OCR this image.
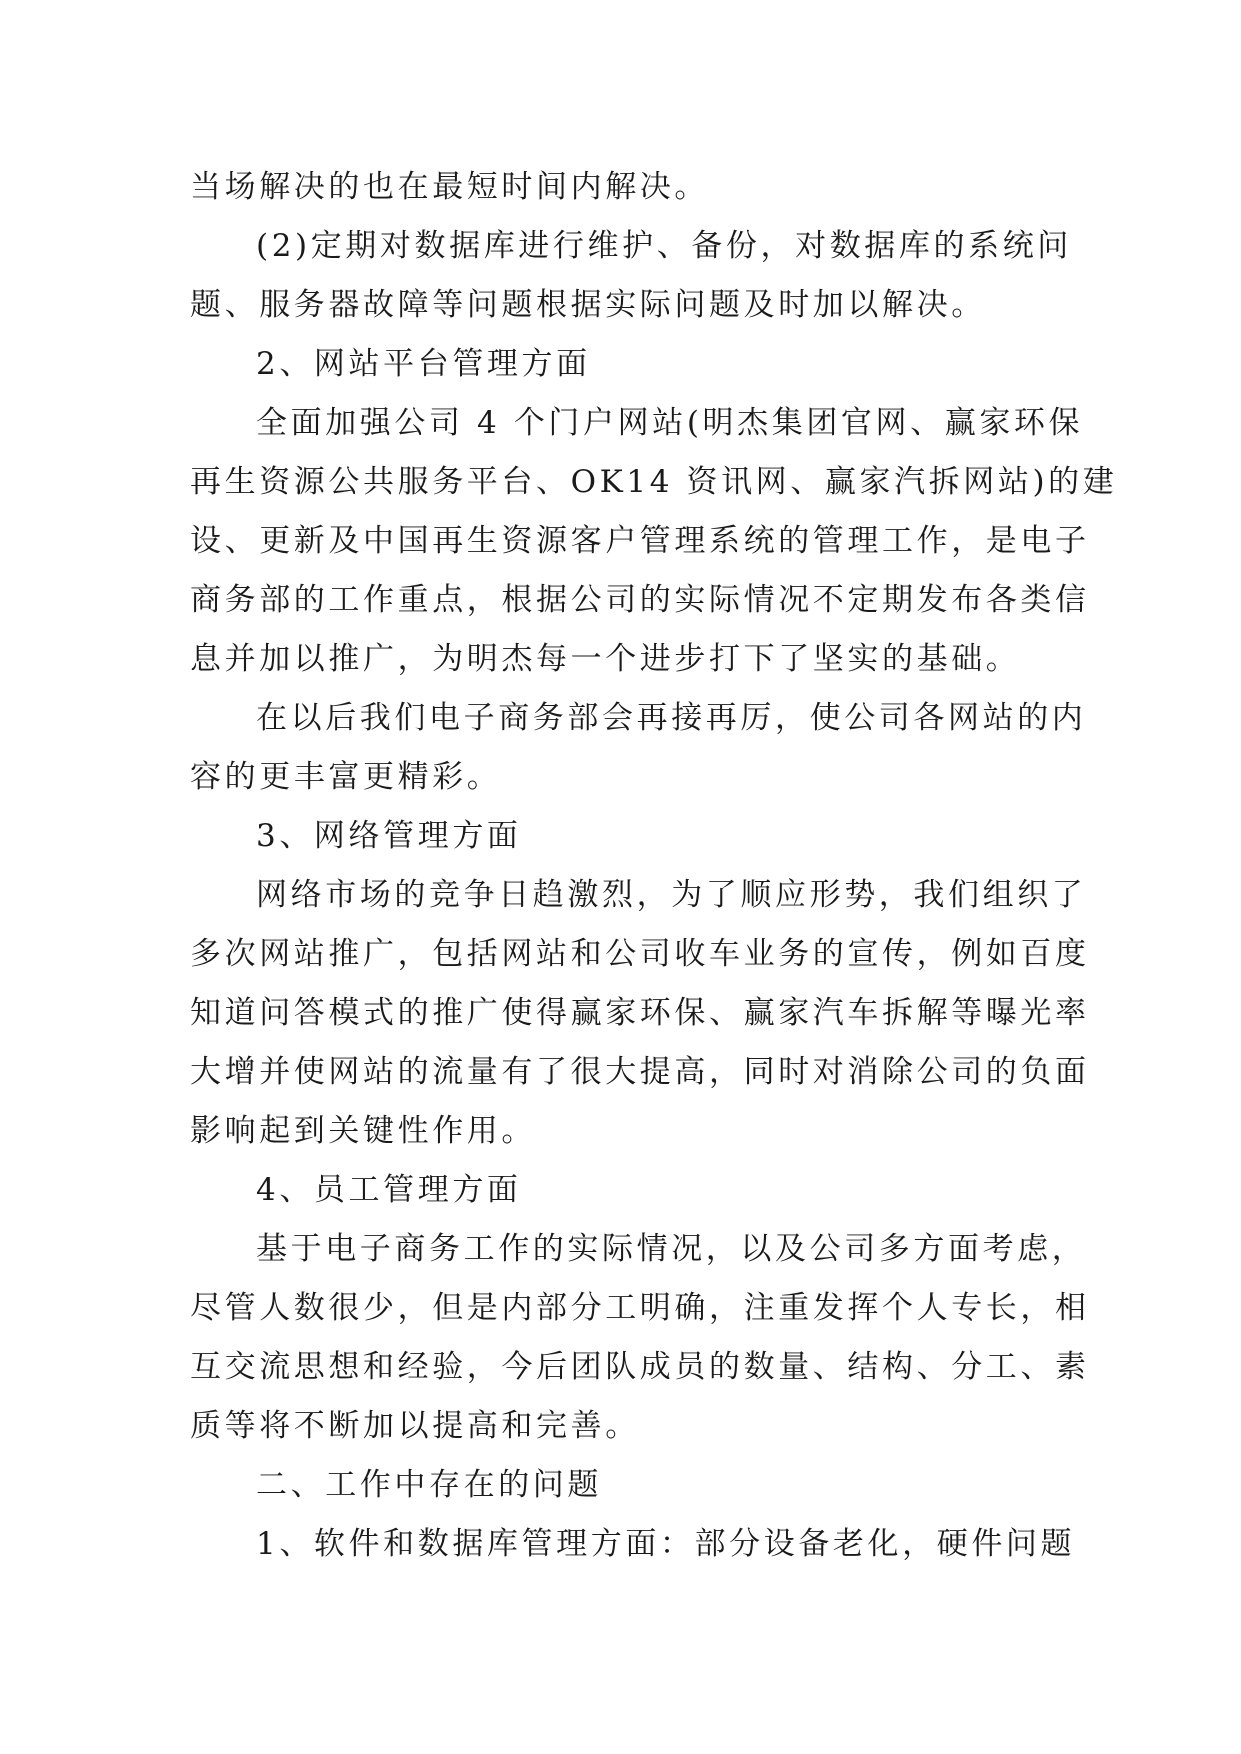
当场解决的也在最短时间内解决。
(2)定期对数据库进行维护、备份，对数据库的系统问
题、服务器故障等问题根据实际问题及时加以解决。
2、网站平台管理方面
全面加强公司 4 个门户网站(明杰集团官网、赢家环保
再生资源公共服务平台、OK14 资讯网、赢家汽拆网站)的建
设、更新及中国再生资源客户管理系统的管理工作，是电子
商务部的工作重点，根据公司的实际情况不定期发布各类信
息并加以推广，为明杰每一个进步打下了坚实的基础。
在以后我们电子商务部会再接再厉，使公司各网站的内
容的更丰富更精彩。
3、网络管理方面
网络市场的竞争日趋激烈，为了顺应形势，我们组织了
多次网站推广，包括网站和公司收车业务的宣传，例如百度
知道问答模式的推广使得赢家环保、赢家汽车拆解等曝光率
大增并使网站的流量有了很大提高，同时对消除公司的负面
影响起到关键性作用。
4、员工管理方面
基于电子商务工作的实际情况，以及公司多方面考虑，
尽管人数很少，但是内部分工明确，注重发挥个人专长，相
互交流思想和经验，今后团队成员的数量、结构、分工、素
质等将不断加以提高和完善。
二、工作中存在的问题
1、软件和数据库管理方面：部分设备老化，硬件问题
